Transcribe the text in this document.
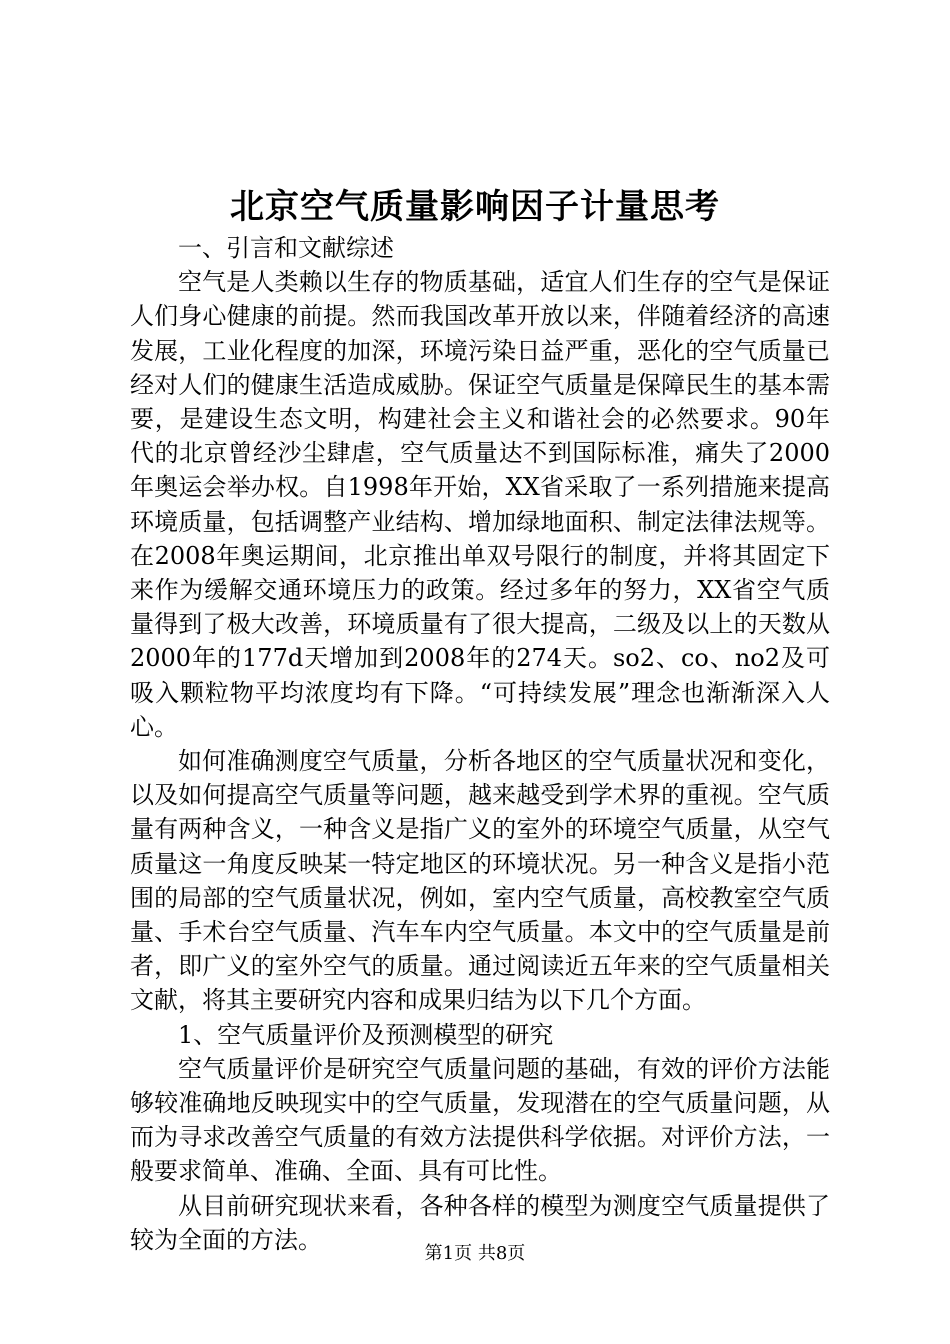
北京空气质量影响因子计量思考

一、引言和文献综述

空气是人类赖以生存的物质基础，适宜人们生存的空气是保证人们身心健康的前提。然而我国改革开放以来，伴随着经济的高速发展，工业化程度的加深，环境污染日益严重，恶化的空气质量已经对人们的健康生活造成威胁。保证空气质量是保障民生的基本需要，是建设生态文明，构建社会主义和谐社会的必然要求。90年代的北京曾经沙尘肆虐，空气质量达不到国际标准，痛失了2000年奥运会举办权。自1998年开始，XX省采取了一系列措施来提高环境质量，包括调整产业结构、增加绿地面积、制定法律法规等。在2008年奥运期间，北京推出单双号限行的制度，并将其固定下来作为缓解交通环境压力的政策。经过多年的努力，XX省空气质量得到了极大改善，环境质量有了很大提高，二级及以上的天数从2000年的177d天增加到2008年的274天。so2、co、no2及可吸入颗粒物平均浓度均有下降。“可持续发展”理念也渐渐深入人心。

如何准确测度空气质量，分析各地区的空气质量状况和变化，以及如何提高空气质量等问题，越来越受到学术界的重视。空气质量有两种含义，一种含义是指广义的室外的环境空气质量，从空气质量这一角度反映某一特定地区的环境状况。另一种含义是指小范围的局部的空气质量状况，例如，室内空气质量，高校教室空气质量、手术台空气质量、汽车车内空气质量。本文中的空气质量是前者，即广义的室外空气的质量。通过阅读近五年来的空气质量相关文献，将其主要研究内容和成果归结为以下几个方面。

1、空气质量评价及预测模型的研究

空气质量评价是研究空气质量问题的基础，有效的评价方法能够较准确地反映现实中的空气质量，发现潜在的空气质量问题，从而为寻求改善空气质量的有效方法提供科学依据。对评价方法，一般要求简单、准确、全面、具有可比性。

从目前研究现状来看，各种各样的模型为测度空气质量提供了较为全面的方法。	第1页 共8页
